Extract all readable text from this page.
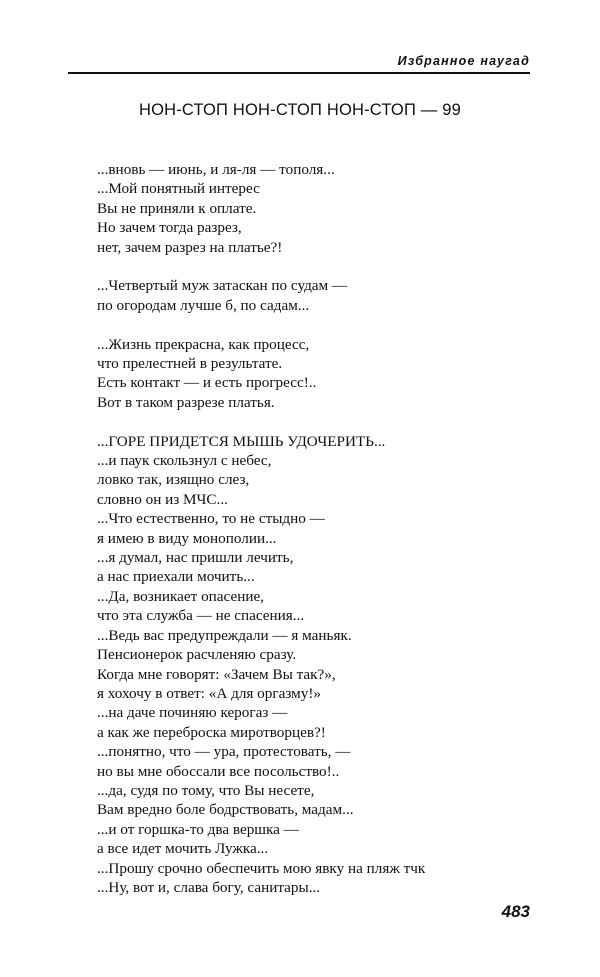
Избранное наугад
НОН-СТОП НОН-СТОП НОН-СТОП — 99
...вновь — июнь, и ля-ля — тополя...
...Мой понятный интерес
Вы не приняли к оплате.
Но зачем тогда разрез,
нет, зачем разрез на платье?!
...Четвертый муж затаскан по судам —
по огородам лучше б, по садам...
...Жизнь прекрасна, как процесс,
что прелестней в результате.
Есть контакт — и есть прогресс!..
Вот в таком разрезе платья.
...ГОРЕ ПРИДЕТСЯ МЫШЬ УДОЧЕРИТЬ...
...и паук скользнул с небес,
ловко так, изящно слез,
словно он из МЧС...
...Что естественно, то не стыдно —
я имею в виду монополии...
...я думал, нас пришли лечить,
а нас приехали мочить...
...Да, возникает опасение,
что эта служба — не спасения...
...Ведь вас предупреждали — я маньяк.
Пенсионерок расчленяю сразу.
Когда мне говорят: «Зачем Вы так?»,
я хохочу в ответ: «А для оргазму!»
...на даче починяю керогаз —
а как же переброска миротворцев?!
...понятно, что — ура, протестовать, —
но вы мне обоссали все посольство!..
...да, судя по тому, что Вы несете,
Вам вредно боле бодрствовать, мадам...
...и от горшка-то два вершка —
а все идет мочить Лужка...
...Прошу срочно обеспечить мою явку на пляж тчк
...Ну, вот и, слава богу, санитары...
483
